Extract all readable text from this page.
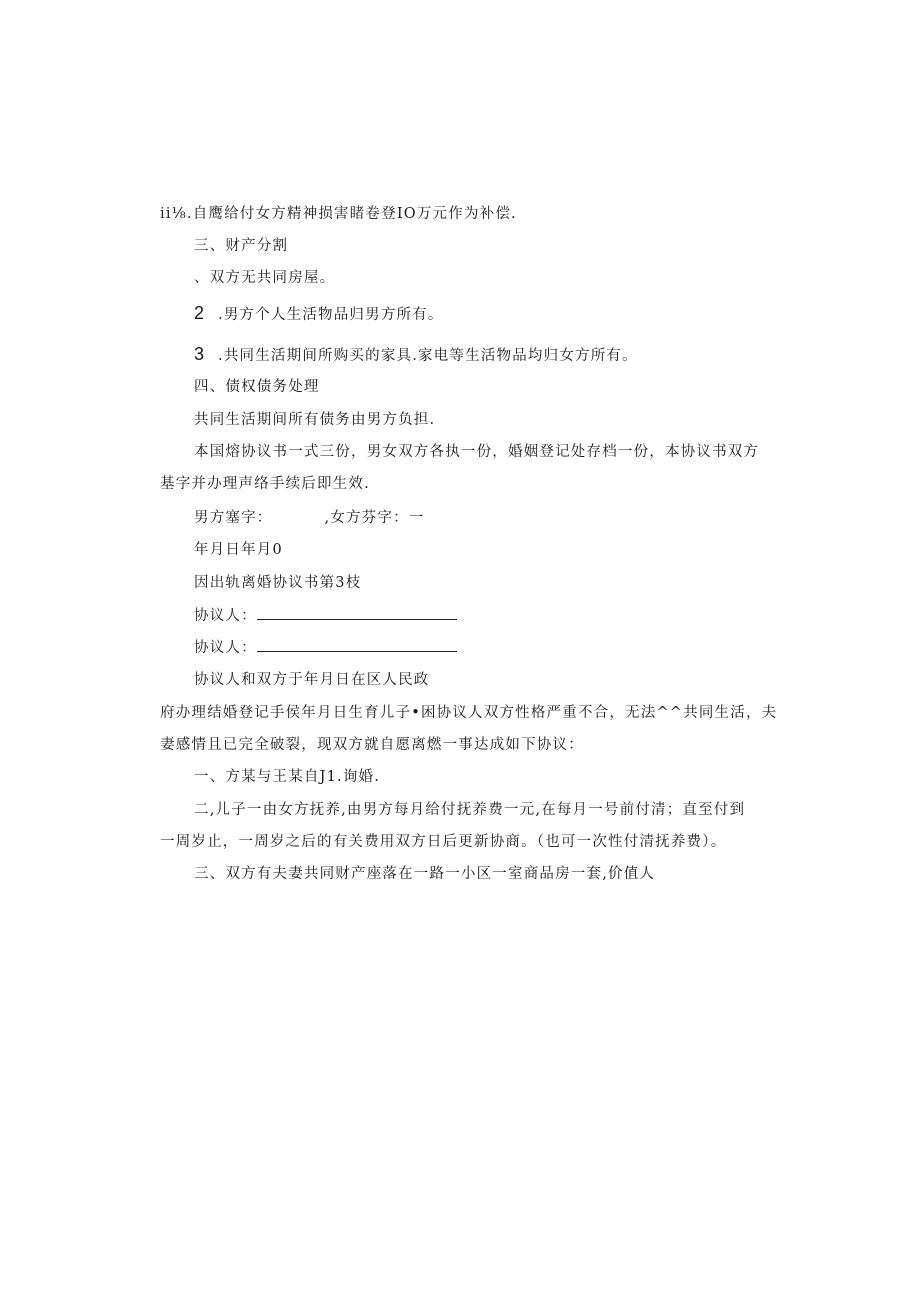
ii⅛.自鹰给付女方精神损害睹卷登IO万元作为补偿.
三、财产分割
、双方无共同房屋。
2 .男方个人生活物品归男方所有。
3 .共同生活期间所购买的家具.家电等生活物品均归女方所有。
四、债权债务处理
共同生活期间所有债务由男方负担.
本国熔协议书一式三份，男女双方各执一份，婚姻登记处存档一份，本协议书双方
基字并办理声络手续后即生效.
男方塞字：	,女方芬字：一
年月日年月0
因出轨离婚协议书第3枝
协议人：
协议人：
协议人和双方于年月日在区人民政
府办理结婚登记手侯年月日生育儿子•困协议人双方性格严重不合，无法^^共同生活，夫
妻感情且已完全破裂，现双方就自愿离燃一事达成如下协议：
一、方某与王某自J1.询婚.
二,儿子一由女方抚养,由男方每月给付抚养费一元,在每月一号前付清；直至付到
一周岁止，一周岁之后的有关费用双方日后更新协商。（也可一次性付清抚养费）。
三、双方有夫妻共同财产座落在一路一小区一室商品房一套,价值人
